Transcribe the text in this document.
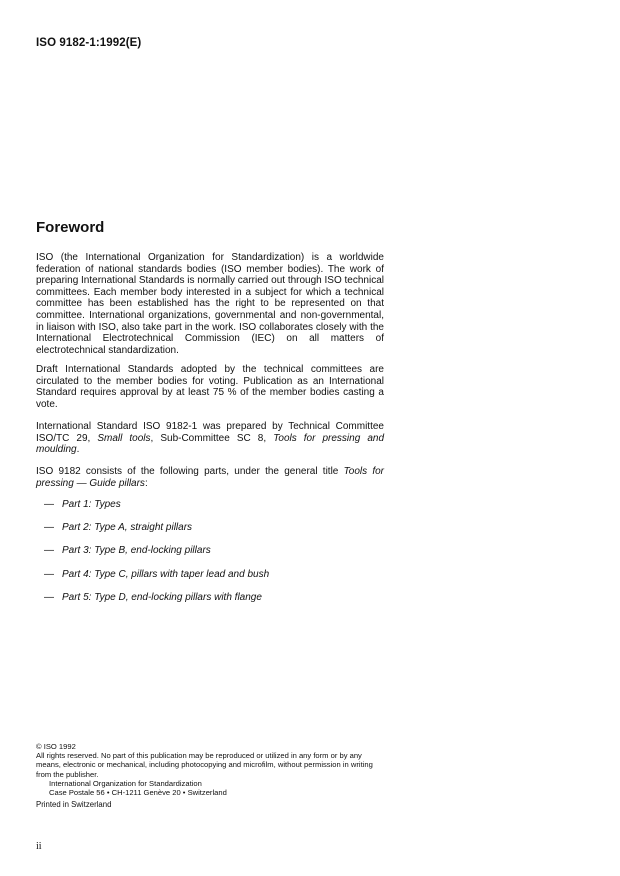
ISO 9182-1:1992(E)
Foreword
ISO (the International Organization for Standardization) is a worldwide federation of national standards bodies (ISO member bodies). The work of preparing International Standards is normally carried out through ISO technical committees. Each member body interested in a subject for which a technical committee has been established has the right to be represented on that committee. International organizations, governmental and non-governmental, in liaison with ISO, also take part in the work. ISO collaborates closely with the International Electrotechnical Commission (IEC) on all matters of electrotechnical standardization.
Draft International Standards adopted by the technical committees are circulated to the member bodies for voting. Publication as an International Standard requires approval by at least 75 % of the member bodies casting a vote.
International Standard ISO 9182-1 was prepared by Technical Committee ISO/TC 29, Small tools, Sub-Committee SC 8, Tools for pressing and moulding.
ISO 9182 consists of the following parts, under the general title Tools for pressing — Guide pillars:
— Part 1: Types
— Part 2: Type A, straight pillars
— Part 3: Type B, end-locking pillars
— Part 4: Type C, pillars with taper lead and bush
— Part 5: Type D, end-locking pillars with flange
© ISO 1992
All rights reserved. No part of this publication may be reproduced or utilized in any form or by any means, electronic or mechanical, including photocopying and microfilm, without permission in writing from the publisher.
International Organization for Standardization
Case Postale 56 • CH-1211 Genève 20 • Switzerland
Printed in Switzerland
ii
